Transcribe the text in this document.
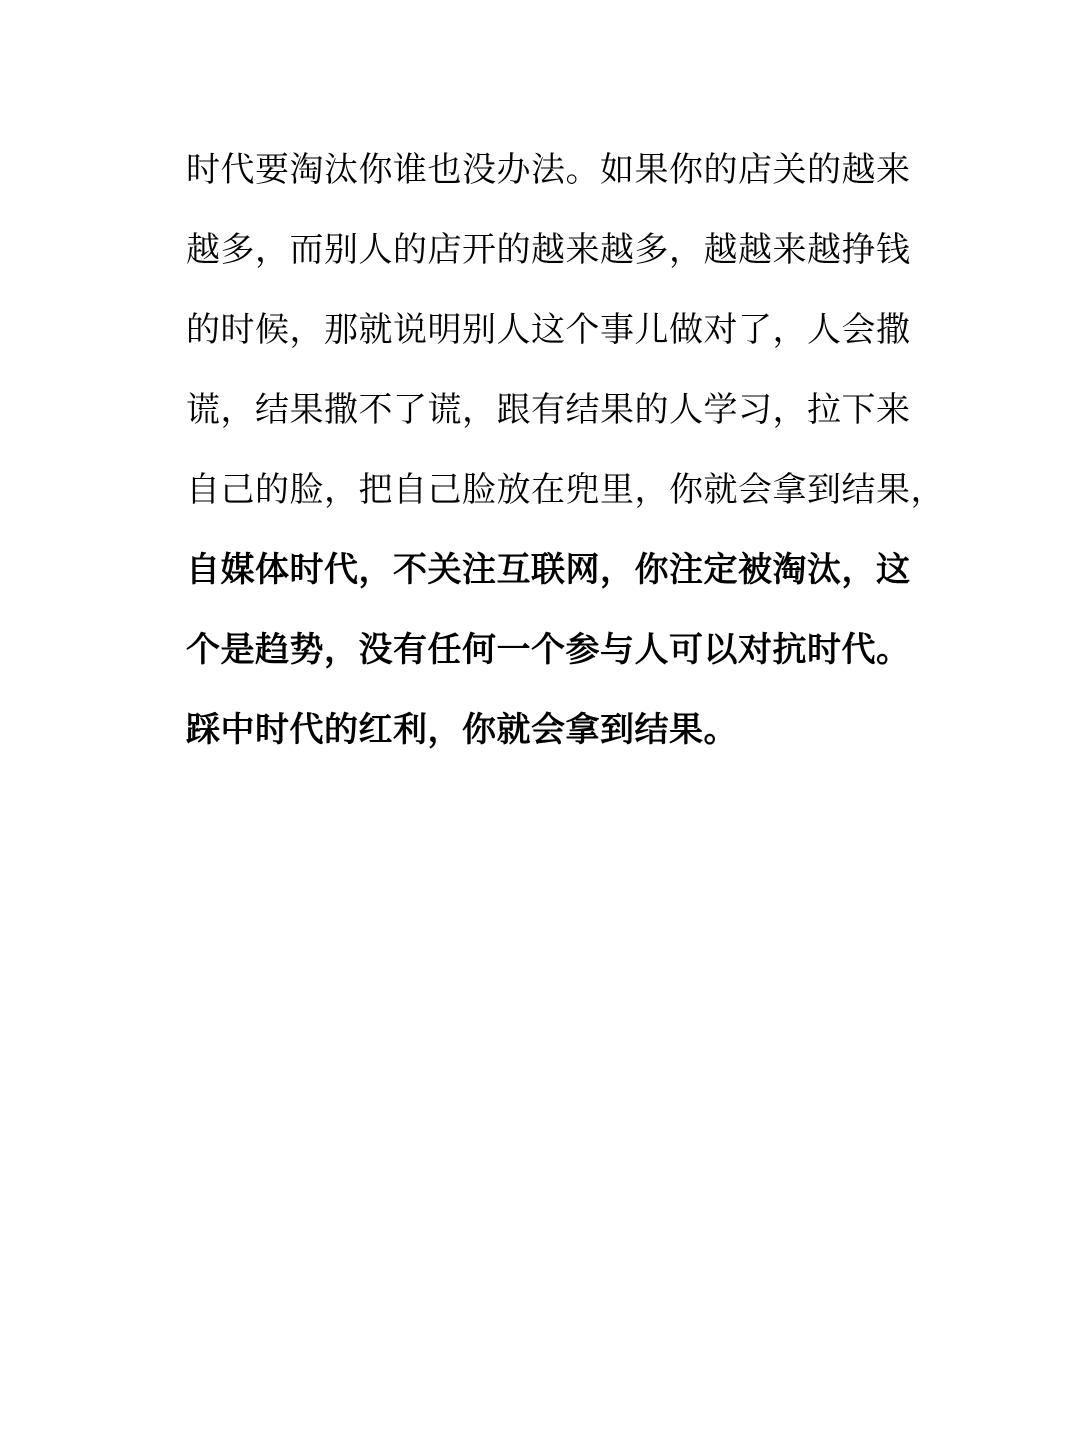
时代要淘汰你谁也没办法。如果你的店关的越来
越多，而别人的店开的越来越多，越越来越挣钱
的时候，那就说明别人这个事儿做对了，人会撒
谎，结果撒不了谎，跟有结果的人学习，拉下来
自己的脸，把自己脸放在兜里，你就会拿到结果，
自媒体时代，不关注互联网，你注定被淘汰，这
个是趋势，没有任何一个参与人可以对抗时代。
踩中时代的红利，你就会拿到结果。
